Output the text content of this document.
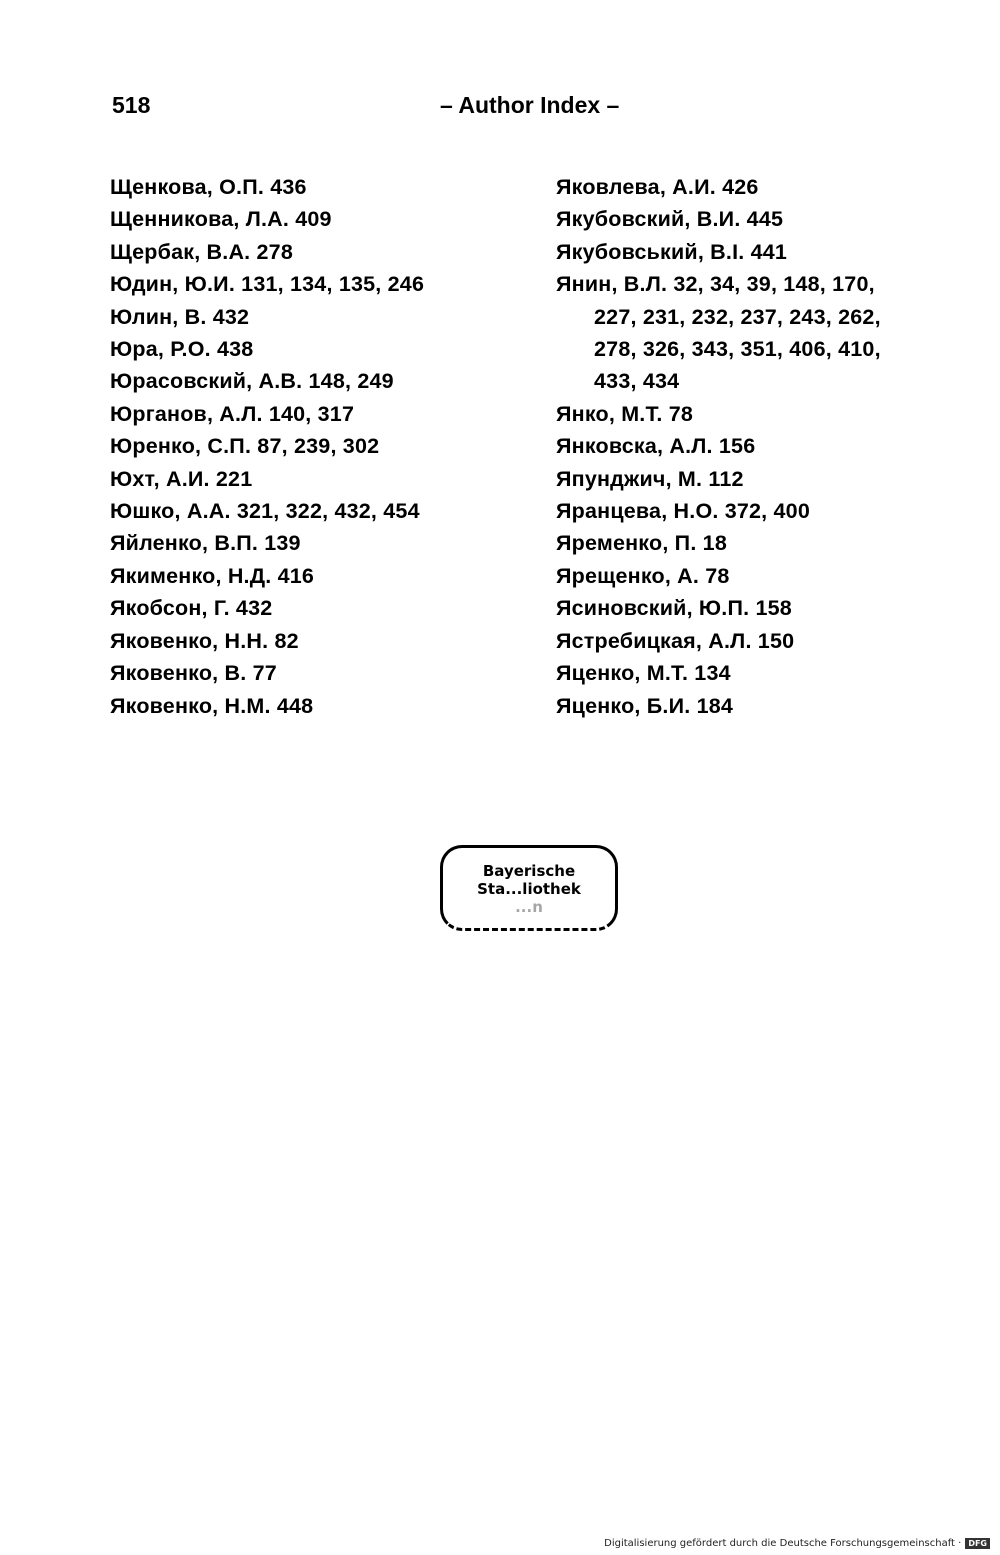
518	– Author Index –
Щенкова, О.П. 436
Щенникова, Л.А. 409
Щербак, В.А. 278
Юдин, Ю.И. 131, 134, 135, 246
Юлин, В. 432
Юра, Р.О. 438
Юрасовский, А.В. 148, 249
Юрганов, А.Л. 140, 317
Юренко, С.П. 87, 239, 302
Юхт, А.И. 221
Юшко, А.А. 321, 322, 432, 454
Яйленко, В.П. 139
Якименко, Н.Д. 416
Якобсон, Г. 432
Яковенко, Н.Н. 82
Яковенко, В. 77
Яковенко, Н.М. 448
Яковлева, А.И. 426
Якубовский, В.И. 445
Якубовський, В.І. 441
Янин, В.Л. 32, 34, 39, 148, 170,
227, 231, 232, 237, 243, 262,
278, 326, 343, 351, 406, 410,
433, 434
Янко, М.Т. 78
Янковска, А.Л. 156
Япунджич, М. 112
Яранцева, Н.О. 372, 400
Яременко, П. 18
Ярещенко, А. 78
Ясиновский, Ю.П. 158
Ястребицкая, А.Л. 150
Яценко, М.Т. 134
Яценко, Б.И. 184
Bayerische
Sta...liothek
...n
Digitalisierung gefördert durch die Deutsche Forschungsgemeinschaft · DFG
